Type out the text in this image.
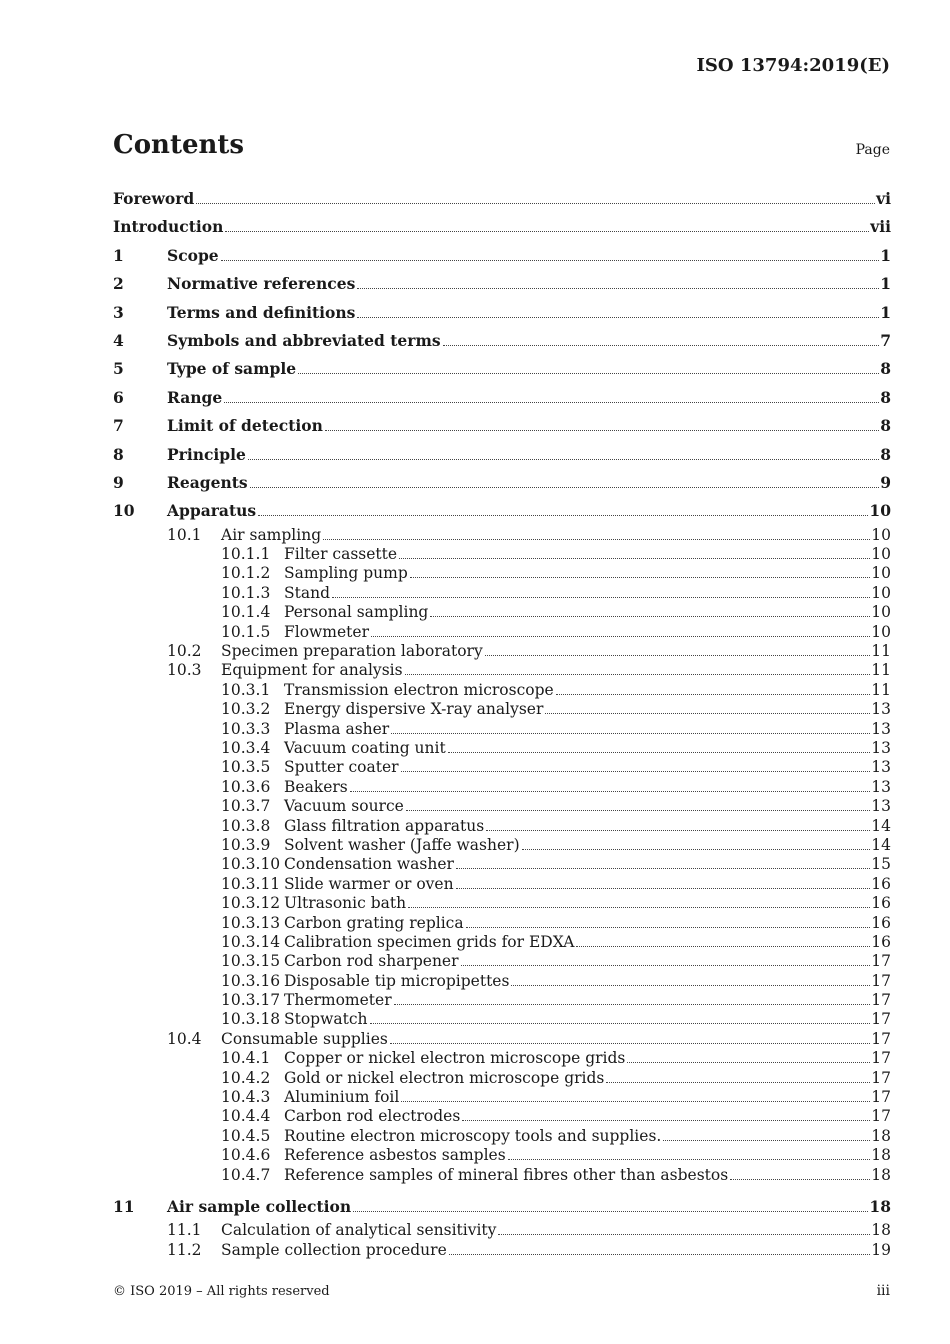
ISO 13794:2019(E)
Contents	Page
Foreword	vi
Introduction	vii
1	Scope	1
2	Normative references	1
3	Terms and definitions	1
4	Symbols and abbreviated terms	7
5	Type of sample	8
6	Range	8
7	Limit of detection	8
8	Principle	8
9	Reagents	9
10	Apparatus	10
10.1	Air sampling	10
10.1.1 Filter cassette	10
10.1.2 Sampling pump	10
10.1.3 Stand	10
10.1.4 Personal sampling	10
10.1.5 Flowmeter	10
10.2	Specimen preparation laboratory	11
10.3	Equipment for analysis	11
10.3.1 Transmission electron microscope	11
10.3.2 Energy dispersive X-ray analyser	13
10.3.3 Plasma asher	13
10.3.4 Vacuum coating unit	13
10.3.5 Sputter coater	13
10.3.6 Beakers	13
10.3.7 Vacuum source	13
10.3.8 Glass filtration apparatus	14
10.3.9 Solvent washer (Jaffe washer)	14
10.3.10 Condensation washer	15
10.3.11 Slide warmer or oven	16
10.3.12 Ultrasonic bath	16
10.3.13 Carbon grating replica	16
10.3.14 Calibration specimen grids for EDXA	16
10.3.15 Carbon rod sharpener	17
10.3.16 Disposable tip micropipettes	17
10.3.17 Thermometer	17
10.3.18 Stopwatch	17
10.4	Consumable supplies	17
10.4.1 Copper or nickel electron microscope grids	17
10.4.2 Gold or nickel electron microscope grids	17
10.4.3 Aluminium foil	17
10.4.4 Carbon rod electrodes	17
10.4.5 Routine electron microscopy tools and supplies.	18
10.4.6 Reference asbestos samples	18
10.4.7 Reference samples of mineral fibres other than asbestos	18
11	Air sample collection	18
11.1	Calculation of analytical sensitivity	18
11.2	Sample collection procedure	19
© ISO 2019 – All rights reserved	iii
